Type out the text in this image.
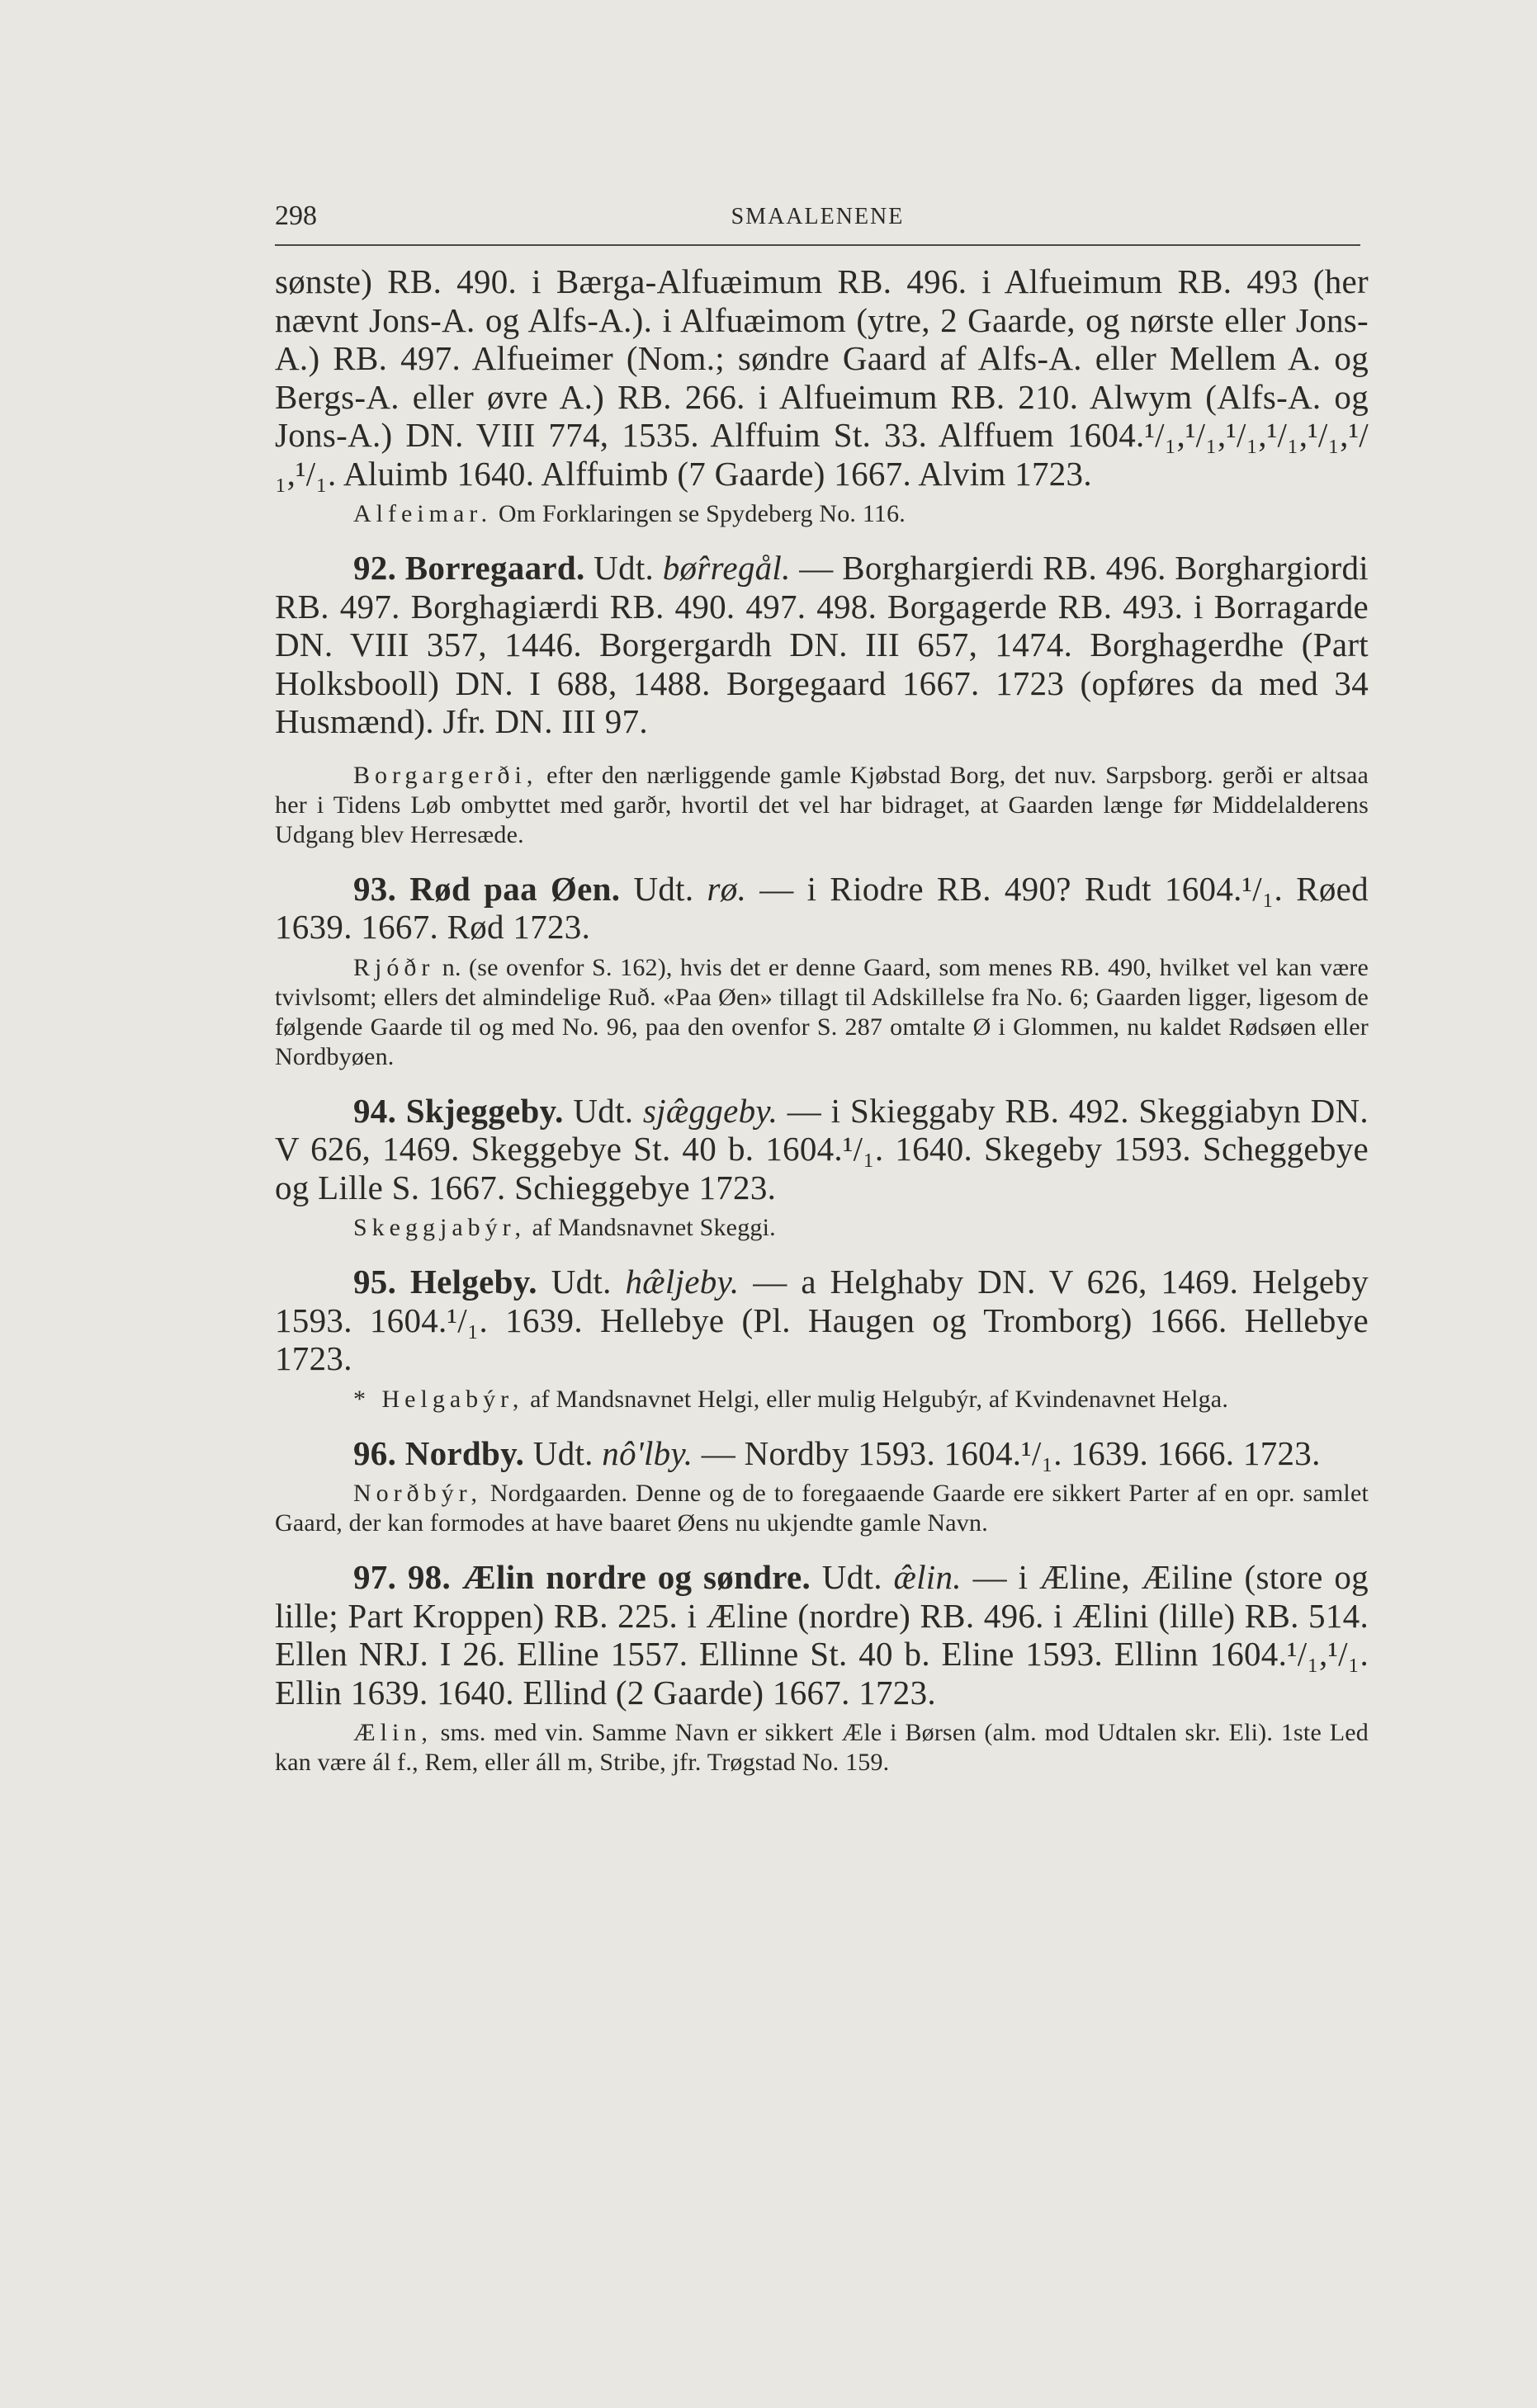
298	SMAALENENE

sønste) RB. 490. i Bærga-Alfuæimum RB. 496. i Alfueimum RB. 493 (her nævnt Jons-A. og Alfs-A.). i Alfuæimom (ytre, 2 Gaarde, og nørste eller Jons-A.) RB. 497. Alfueimer (Nom.; søndre Gaard af Alfs-A. eller Mellem A. og Bergs-A. eller øvre A.) RB. 266. i Alfueimum RB. 210. Alwym (Alfs-A. og Jons-A.) DN. VIII 774, 1535. Alffuim St. 33. Alffuem 1604.¹/₁,¹/₁,¹/₁,¹/₁,¹/₁,¹/₁,¹/₁. Aluimb 1640. Alffuimb (7 Gaarde) 1667. Alvim 1723.

Alfeimar. Om Forklaringen se Spydeberg No. 116.

92. Borregaard. Udt. bø̂rregål. — Borghargierdi RB. 496. Borghargiordi RB. 497. Borghagiærdi RB. 490. 497. 498. Borgagerde RB. 493. i Borragarde DN. VIII 357, 1446. Borgergardh DN. III 657, 1474. Borghagerdhe (Part Holksbooll) DN. I 688, 1488. Borgegaard 1667. 1723 (opføres da med 34 Husmænd). Jfr. DN. III 97.

Borgargerði, efter den nærliggende gamle Kjøbstad Borg, det nuv. Sarpsborg. gerði er altsaa her i Tidens Løb ombyttet med garðr, hvortil det vel har bidraget, at Gaarden længe før Middelalderens Udgang blev Herresæde.

93. Rød paa Øen. Udt. rø. — i Riodre RB. 490? Rudt 1604.¹/₁. Røed 1639. 1667. Rød 1723.

Rjóðr n. (se ovenfor S. 162), hvis det er denne Gaard, som menes RB. 490, hvilket vel kan være tvivlsomt; ellers det almindelige Ruð. «Paa Øen» tillagt til Adskillelse fra No. 6; Gaarden ligger, ligesom de følgende Gaarde til og med No. 96, paa den ovenfor S. 287 omtalte Ø i Glommen, nu kaldet Rødsøen eller Nordbyøen.

94. Skjeggeby. Udt. sjæ̂ggeby. — i Skieggaby RB. 492. Skeggiabyn DN. V 626, 1469. Skeggebye St. 40 b. 1604.¹/₁. 1640. Skegeby 1593. Scheggebye og Lille S. 1667. Schieggebye 1723.

Skeggjabýr, af Mandsnavnet Skeggi.

95. Helgeby. Udt. hæ̂ljeby. — a Helghaby DN. V 626, 1469. Helgeby 1593. 1604.¹/₁. 1639. Hellebye (Pl. Haugen og Tromborg) 1666. Hellebye 1723.

* Helgabýr, af Mandsnavnet Helgi, eller mulig Helgubýr, af Kvindenavnet Helga.

96. Nordby. Udt. nô'lby. — Nordby 1593. 1604.¹/₁. 1639. 1666. 1723.

Norðbýr, Nordgaarden. Denne og de to foregaaende Gaarde ere sikkert Parter af en opr. samlet Gaard, der kan formodes at have baaret Øens nu ukjendte gamle Navn.

97. 98. Ælin nordre og søndre. Udt. æ̂lin. — i Æline, Æiline (store og lille; Part Kroppen) RB. 225. i Æline (nordre) RB. 496. i Ælini (lille) RB. 514. Ellen NRJ. I 26. Elline 1557. Ellinne St. 40 b. Eline 1593. Ellinn 1604.¹/₁,¹/₁. Ellin 1639. 1640. Ellind (2 Gaarde) 1667. 1723.

Ælin, sms. med vin. Samme Navn er sikkert Æle i Børsen (alm. mod Udtalen skr. Eli). 1ste Led kan være ál f., Rem, eller áll m, Stribe, jfr. Trøgstad No. 159.
